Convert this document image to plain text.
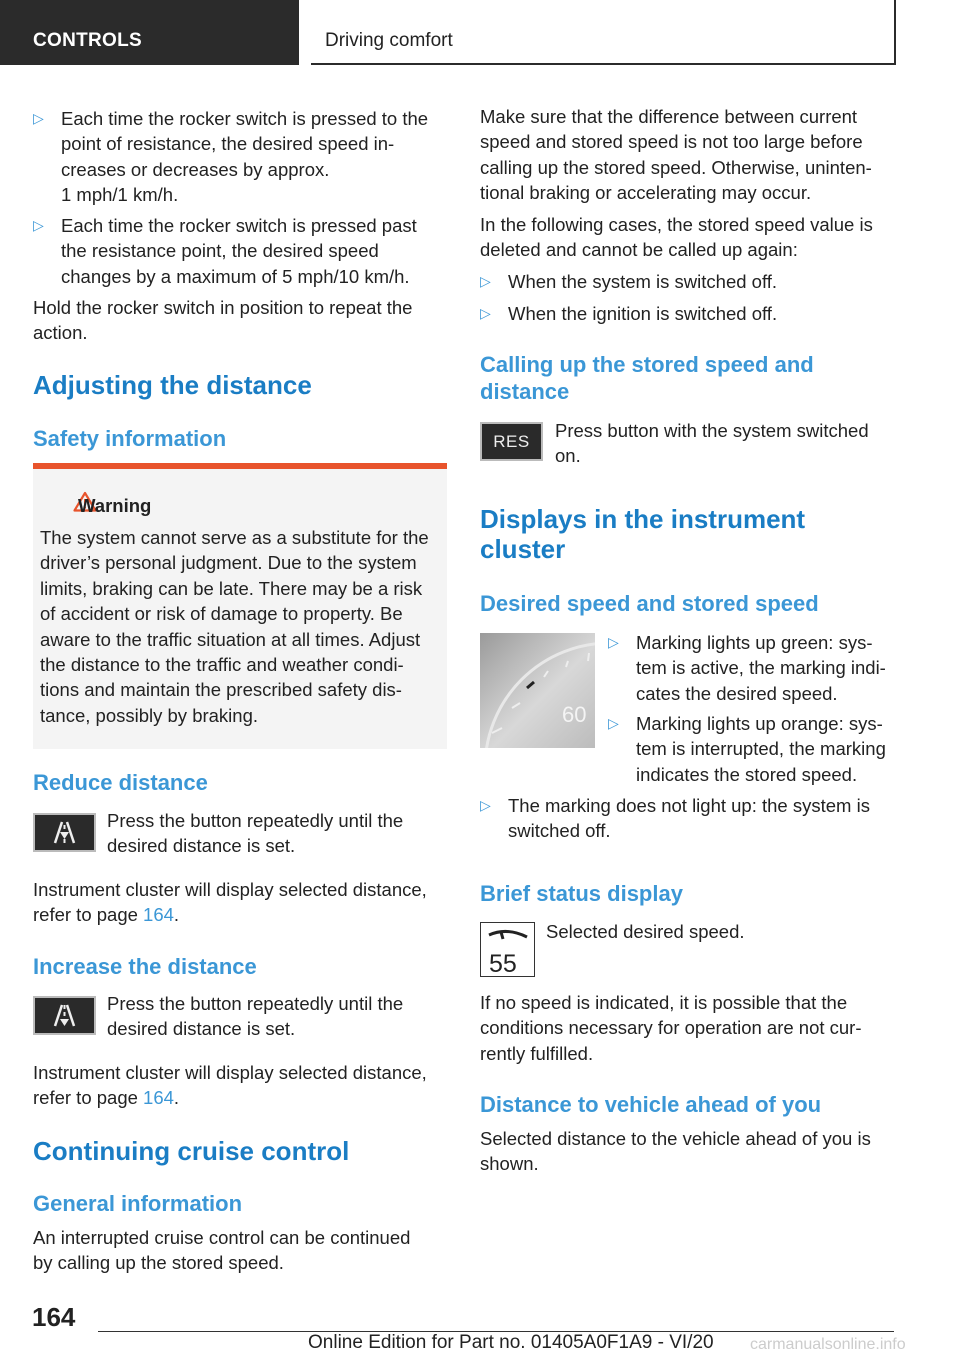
CONTROLS	Driving comfort
▷ Each time the rocker switch is pressed to the
point of resistance, the desired speed in-
creases or decreases by approx.
1 mph/1 km/h.
▷ Each time the rocker switch is pressed past
the resistance point, the desired speed
changes by a maximum of 5 mph/10 km/h.
Hold the rocker switch in position to repeat the
action.
Adjusting the distance
Safety information
Warning
The system cannot serve as a substitute for the
driver’s personal judgment. Due to the system
limits, braking can be late. There may be a risk
of accident or risk of damage to property. Be
aware to the traffic situation at all times. Adjust
the distance to the traffic and weather condi-
tions and maintain the prescribed safety dis-
tance, possibly by braking.
Reduce distance
Press the button repeatedly until the
desired distance is set.
Instrument cluster will display selected distance,
refer to page 164.
Increase the distance
Press the button repeatedly until the
desired distance is set.
Instrument cluster will display selected distance,
refer to page 164.
Continuing cruise control
General information
An interrupted cruise control can be continued
by calling up the stored speed.
Make sure that the difference between current
speed and stored speed is not too large before
calling up the stored speed. Otherwise, uninten-
tional braking or accelerating may occur.
In the following cases, the stored speed value is
deleted and cannot be called up again:
▷ When the system is switched off.
▷ When the ignition is switched off.
Calling up the stored speed and
distance
RES Press button with the system switched
on.
Displays in the instrument
cluster
Desired speed and stored speed
60
▷ Marking lights up green: sys-
tem is active, the marking indi-
cates the desired speed.
▷ Marking lights up orange: sys-
tem is interrupted, the marking
indicates the stored speed.
▷ The marking does not light up: the system is
switched off.
Brief status display
55
Selected desired speed.
If no speed is indicated, it is possible that the
conditions necessary for operation are not cur-
rently fulfilled.
Distance to vehicle ahead of you
Selected distance to the vehicle ahead of you is
shown.
164
Online Edition for Part no. 01405A0F1A9 - VI/20 carmanualsonline.info
